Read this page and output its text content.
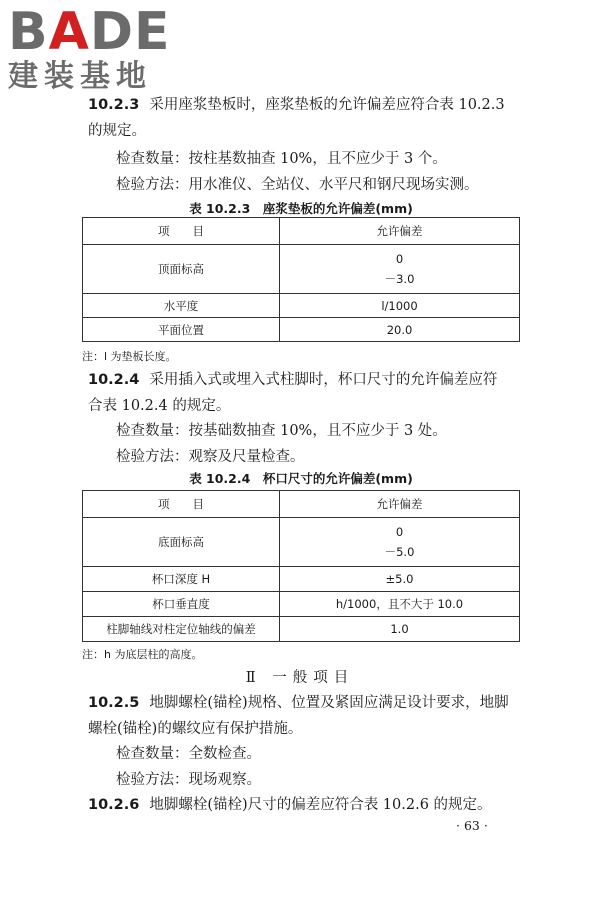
BADE
建装基地
10.2.3 采用座浆垫板时，座浆垫板的允许偏差应符合表 10.2.3
的规定。
检查数量：按柱基数抽查 10%，且不应少于 3 个。
检验方法：用水准仪、全站仪、水平尺和钢尺现场实测。
表 10.2.3　座浆垫板的允许偏差(mm)
项　　目	允许偏差
顶面标高	0
－3.0

水平度	l/1000
平面位置	20.0
注：l 为垫板长度。
10.2.4 采用插入式或埋入式柱脚时，杯口尺寸的允许偏差应符
合表 10.2.4 的规定。
检查数量：按基础数抽查 10%，且不应少于 3 处。
检验方法：观察及尺量检查。
表 10.2.4　杯口尺寸的允许偏差(mm)
项　　目	允许偏差
底面标高	0
－5.0

杯口深度 H	±5.0
杯口垂直度	h/1000，且不大于 10.0
柱脚轴线对柱定位轴线的偏差	1.0
注：h 为底层柱的高度。
Ⅱ 一般项目
10.2.5 地脚螺栓(锚栓)规格、位置及紧固应满足设计要求，地脚
螺栓(锚栓)的螺纹应有保护措施。
检查数量：全数检查。
检验方法：现场观察。
10.2.6 地脚螺栓(锚栓)尺寸的偏差应符合表 10.2.6 的规定。
· 63 ·
